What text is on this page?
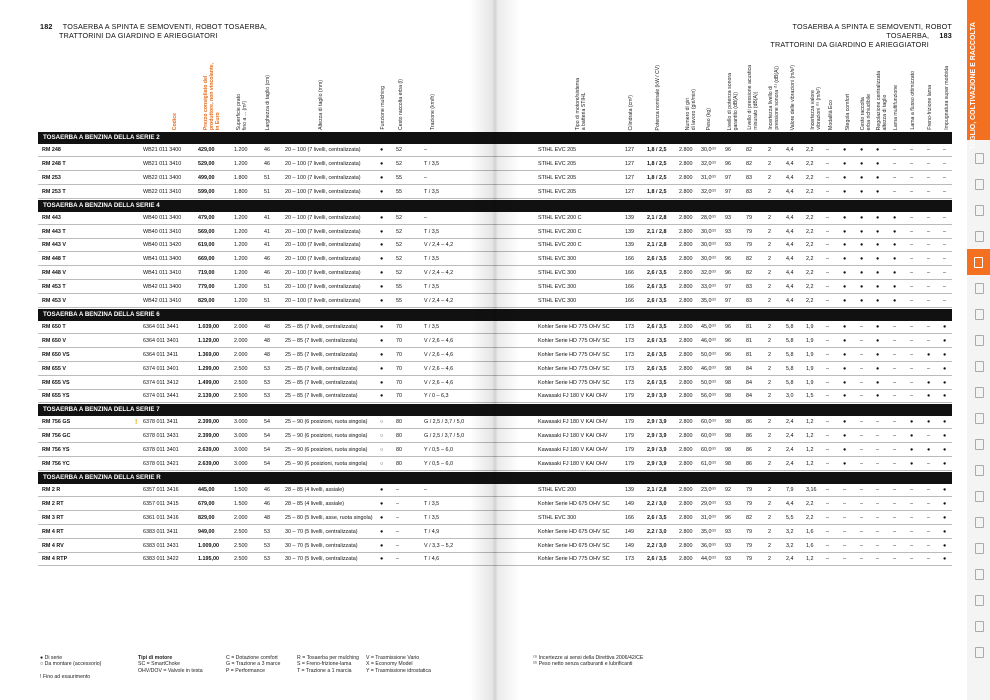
182 TOSAERBA A SPINTA E SEMOVENTI, ROBOT TOSAERBA,
TRATTORINI DA GIARDINO E ARIEGGIATORI
TOSAERBA A SPINTA E SEMOVENTI, ROBOT TOSAERBA, 183
TRATTORINI DA GIARDINO E ARIEGGIATORI
Codice	Prezzo consigliato del
produttore, non vincolante,
in Euro	Superficie prato
fino a ... (m²)	Larghezza di taglio (cm)	Altezza di taglio (mm)	Funzione mulching Cesto raccolta erba (l)	Trazione (km/h)	Tipo di motore/sistema
a batteria STIHL	Cilindrata (cm³)	Potenza nominale (kW / CV)	Numero di giri
di lavoro (giri/min)
Peso (kg)	Livello di potenza sonora
garantito (dB(A))
Livello di pressione acustica
misurato (dB(A))
Incertezza livello di
pressione sonora ⁽¹⁾ (dB(A)) Valore delle vibrazioni (m/s²)	Incertezza valore
vibrazioni ⁽¹⁾ (m/s²)
Modalità Eco Stegola comfort Cesto raccolta
erba richiudibile Regolazione centralizzata
altezza di taglio Lama multifunzione Lama a flusso ottimizzato Freno-frizione lama Impugnatura super morbida
TOSAERBA A BENZINA DELLA SERIE 2
RM 248	WB21 011 3400	429,00	1.200	46	20 – 100 (7 livelli, centralizzata)	● 52	–	STIHL EVC 205	127 1,8 / 2,5 2.800 30,0⁽²⁾ 96	82	2	4,4 2,2 –	●	● ●	–	–	– –
RM 248 T	WB21 011 3410	529,00	1.200	46	20 – 100 (7 livelli, centralizzata)	● 52	T / 3,5	STIHL EVC 205	127 1,8 / 2,5 2.800 32,0⁽²⁾ 96	82	2	4,4 2,2 –	●	● ●	–	–	– –
RM 253	WB22 011 3400	499,00	1.800	51	20 – 100 (7 livelli, centralizzata)	● 55	–	STIHL EVC 205	127 1,8 / 2,5 2.800 31,0⁽²⁾ 97	83	2	4,4 2,2 –	●	● ●	–	–	– –
RM 253 T	WB22 011 3410	599,00	1.800	51	20 – 100 (7 livelli, centralizzata)	● 55	T / 3,5	STIHL EVC 205	127 1,8 / 2,5 2.800 32,0⁽²⁾ 97	83	2	4,4 2,2 –	●	● ●	–	–	– –
TOSAERBA A BENZINA DELLA SERIE 4
RM 443	WB40 011 3400	479,00	1.200	41	20 – 100 (7 livelli, centralizzata)	● 52	–	STIHL EVC 200 C	139 2,1 / 2,8 2.800 28,0⁽²⁾ 93	79	2	4,4 2,2 –	●	● ●	●	–	– –
RM 443 T	WB40 011 3410	569,00	1.200	41	20 – 100 (7 livelli, centralizzata)	● 52	T / 3,5	STIHL EVC 200 C	139 2,1 / 2,8 2.800 30,0⁽²⁾ 93	79	2	4,4 2,2 –	●	● ●	●	–	– –
RM 443 V	WB40 011 3420	619,00	1.200	41	20 – 100 (7 livelli, centralizzata)	● 52	V / 2,4 – 4,2	STIHL EVC 200 C	139 2,1 / 2,8 2.800 30,0⁽²⁾ 93	79	2	4,4 2,2 –	●	● ●	●	–	– –
RM 448 T	WB41 011 3400	669,00	1.200	46	20 – 100 (7 livelli, centralizzata)	● 52	T / 3,5	STIHL EVC 300	166 2,6 / 3,5 2.800 30,0⁽²⁾ 96	82	2	4,4 2,2 –	●	● ●	●	–	– –
RM 448 V	WB41 011 3410	719,00	1.200	46	20 – 100 (7 livelli, centralizzata)	● 52	V / 2,4 – 4,2	STIHL EVC 300	166 2,6 / 3,5 2.800 32,0⁽²⁾ 96	82	2	4,4 2,2 –	●	● ●	●	–	– –
RM 453 T	WB42 011 3400	779,00	1.200	51	20 – 100 (7 livelli, centralizzata)	● 55	T / 3,5	STIHL EVC 300	166 2,6 / 3,5 2.800 33,0⁽²⁾ 97	83	2	4,4 2,2 –	●	● ●	●	–	– –
RM 453 V	WB42 011 3410	829,00	1.200	51	20 – 100 (7 livelli, centralizzata)	● 55	V / 2,4 – 4,2	STIHL EVC 300	166 2,6 / 3,5 2.800 35,0⁽²⁾ 97	83	2	4,4 2,2 –	●	● ●	●	–	– –
TOSAERBA A BENZINA DELLA SERIE 6
RM 650 T	6364 011 3441	1.039,00	2.000	48	25 – 85 (7 livelli, centralizzata)	● 70	T / 3,5	Kohler Serie HD 775 OHV SC	173 2,6 / 3,5 2.800 45,0⁽²⁾ 96	81	2	5,8 1,9 –	●	– ●	–	–	– ●
RM 650 V	6364 011 3401	1.129,00	2.000	48	25 – 85 (7 livelli, centralizzata)	● 70	V / 2,6 – 4,6	Kohler Serie HD 775 OHV SC	173 2,6 / 3,5 2.800 46,0⁽²⁾ 96	81	2	5,8 1,9 –	●	– ●	–	–	– ●
RM 650 VS	6364 011 3411	1.369,00	2.000	48	25 – 85 (7 livelli, centralizzata)	● 70	V / 2,6 – 4,6	Kohler Serie HD 775 OHV SC	173 2,6 / 3,5 2.800 50,0⁽²⁾ 96	81	2	5,8 1,9 –	●	– ●	–	–	● ●
RM 655 V	6374 011 3401	1.299,00	2.500	53	25 – 85 (7 livelli, centralizzata)	● 70	V / 2,6 – 4,6	Kohler Serie HD 775 OHV SC	173 2,6 / 3,5 2.800 46,0⁽²⁾ 98	84	2	5,8 1,9 –	●	– ●	–	–	– ●
RM 655 VS	6374 011 3412	1.499,00	2.500	53	25 – 85 (7 livelli, centralizzata)	● 70	V / 2,6 – 4,6	Kohler Serie HD 775 OHV SC	173 2,6 / 3,5 2.800 50,0⁽²⁾ 98	84	2	5,8 1,9 –	●	– ●	–	–	● ●
RM 655 YS	6374 011 3441	2.139,00	2.500	53	25 – 85 (7 livelli, centralizzata)	● 70	Y / 0 – 6,3	Kawasaki FJ 180 V KAI OHV	179 2,9 / 3,9 2.800 56,0⁽²⁾ 98	84	2	3,0 1,5 –	●	– ●	–	–	● ●
TOSAERBA A BENZINA DELLA SERIE 7
RM 756 GS	! 6378 011 3411	2.399,00	3.000	54	25 – 90 (6 posizioni, ruota singola) ○ 80	G / 2,5 / 3,7 / 5,0	Kawasaki FJ 180 V KAI OHV	179 2,9 / 3,9 2.800 60,0⁽²⁾ 98	86	2	2,4 1,2 –	●	– –	–	●	● ●
RM 756 GC	6378 011 3431	2.399,00	3.000	54	25 – 90 (6 posizioni, ruota singola) ○ 80	G / 2,5 / 3,7 / 5,0	Kawasaki FJ 180 V KAI OHV	179 2,9 / 3,9 2.800 60,0⁽²⁾ 98	86	2	2,4 1,2 –	●	– –	–	●	– ●
RM 756 YS	6378 011 3401	2.639,00	3.000	54	25 – 90 (6 posizioni, ruota singola) ○ 80	Y / 0,5 – 6,0	Kawasaki FJ 180 V KAI OHV	179 2,9 / 3,9 2.800 60,0⁽²⁾ 98	86	2	2,4 1,2 –	●	– –	–	●	● ●
RM 756 YC	6378 011 3421	2.639,00	3.000	54	25 – 90 (6 posizioni, ruota singola) ○ 80	Y / 0,5 – 6,0	Kawasaki FJ 180 V KAI OHV	179 2,9 / 3,9 2.800 61,0⁽²⁾ 98	86	2	2,4 1,2 –	●	– –	–	●	– ●
TOSAERBA A BENZINA DELLA SERIE R
RM 2 R	6357 011 3416	445,00	1.500	46	28 – 85 (4 livelli, assiale)	● –	–	STIHL EVC 200	139 2,1 / 2,8 2.800 23,0⁽²⁾ 92	79	2	7,9 3,16 –	–	– –	–	–	– ●
RM 2 RT	6357 011 3415	679,00	1.500	46	28 – 85 (4 livelli, assiale)	● –	T / 3,5	Kohler Serie HD 675 OHV SC	149 2,2 / 3,0 2.800 29,0⁽²⁾ 93	79	2	4,4 2,2 –	–	– –	–	–	– ●
RM 3 RT	6361 011 3416	829,00	2.000	48	25 – 80 (5 livelli, asse, ruota singola) ● –	T / 3,5	STIHL EVC 300	166 2,6 / 3,5 2.800 31,0⁽²⁾ 96	82	2	5,5 2,2 –	–	– –	–	–	– ●
RM 4 RT	6383 011 3411	949,00	2.500	53	30 – 70 (5 livelli, centralizzata)	● –	T / 4,9	Kohler Serie HD 675 OHV SC	149 2,2 / 3,0 2.800 35,0⁽²⁾ 93	79	2	3,2 1,6 –	–	– –	–	–	– ●
RM 4 RV	6383 011 3431	1.009,00	2.500	53	30 – 70 (5 livelli, centralizzata)	● –	V / 3,3 – 5,2	Kohler Serie HD 675 OHV SC	149 2,2 / 3,0 2.800 36,0⁽²⁾ 93	79	2	3,2 1,6 –	–	– –	–	–	– ●
RM 4 RTP	6383 011 3422	1.195,00	2.500	53	30 – 70 (5 livelli, centralizzata)	● –	T / 4,6	Kohler Serie HD 775 OHV SC	173 2,6 / 3,5 2.800 44,0⁽²⁾ 93	79	2	2,4 1,2 –	–	– –	–	–	– ●
TAGLIO, COLTIVAZIONE E RACCOLTA
● Di serie
○ Da montare (accessorio)
! Fino ad esaurimento
Tipi di motore
SC = SmartChoke
OHV/DOV = Valvole in testa
C = Dotazione comfort
G = Trazione a 3 marce
P = Performance
R = Tosaerba per mulching
S = Freno-frizione-lama
T = Trazione a 1 marcia
V = Trasmissione Vario
X = Economy Model
Y = Trasmissione idrostatica
⁽¹⁾ Incertezze ai sensi della Direttiva 2006/42/CE
⁽²⁾ Peso netto senza carburanti e lubrificanti
